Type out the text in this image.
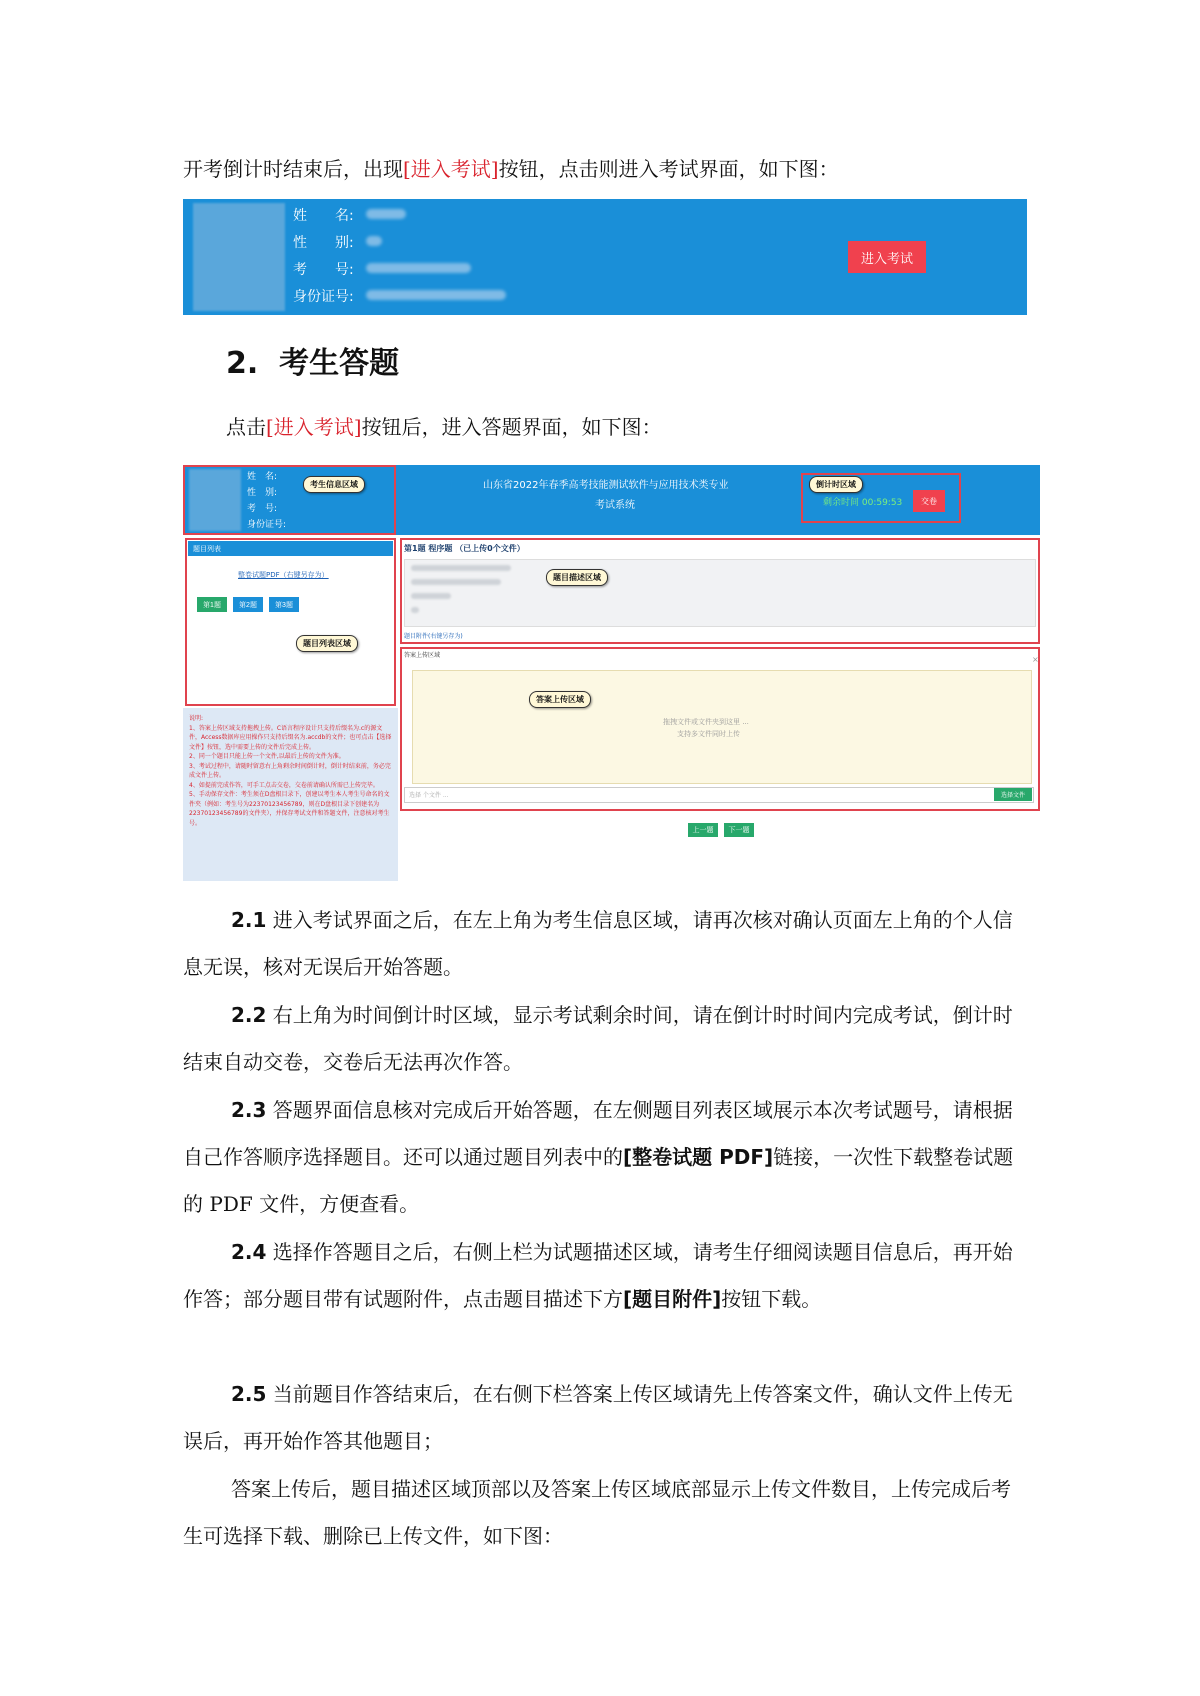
开考倒计时结束后，出现[进入考试]按钮，点击则进入考试界面，如下图：

姓　　名:
性　　别:
考　　号:
身份证号:
进入考试
2. 考生答题

点击[进入考试]按钮后，进入答题界面，如下图：

姓　名:
性　别:
考　号:
身份证号:
考生信息区域	山东省2022年春季高考技能测试软件与应用技术类专业
考试系统
倒计时区域
剩余时间 00:59:53	交卷
题目列表
整卷试题PDF（右键另存为）
第1题	第2题	第3题
题目列表区域
第1题 程序题 （已上传0个文件）
题目描述区域
题目附件(右键另存为)
答案上传区域	×
答案上传区域
拖拽文件或文件夹到这里 ...
支持多文件同时上传
选择 个文件 ...	选择文件

说明:
1、答案上传区域支持拖拽上传。C语言程序设计只支持后缀名为.c的源文件，Access数据库应用操作只支持后缀名为.accdb的文件；也可点击【选择文件】按钮，选中需要上传的文件后完成上传。
2、同一个题目只能上传一个文件,以最后上传的文件为准。
3、考试过程中，请随时留意右上角剩余时间倒计时，倒计时结束前，务必完成文件上传。
4、如提前完成作答，可手工点击交卷，交卷前请确认所需已上传完毕。
5、手动保存文件：考生须在D盘根目录下，创建以考生本人考生号命名的文件夹（例如：考生号为22370123456789，则在D盘根目录下创建名为22370123456789的文件夹），并保存考试文件和答题文件，注意核对考生号。

上一题	下一题

2.1 进入考试界面之后，在左上角为考生信息区域，请再次核对确认页面左上角的个人信息无误，核对无误后开始答题。

2.2 右上角为时间倒计时区域，显示考试剩余时间，请在倒计时时间内完成考试，倒计时结束自动交卷，交卷后无法再次作答。

2.3 答题界面信息核对完成后开始答题，在左侧题目列表区域展示本次考试题号，请根据自己作答顺序选择题目。还可以通过题目列表中的[整卷试题 PDF]链接，一次性下载整卷试题的 PDF 文件，方便查看。

2.4 选择作答题目之后，右侧上栏为试题描述区域，请考生仔细阅读题目信息后，再开始作答；部分题目带有试题附件，点击题目描述下方[题目附件]按钮下载。

2.5 当前题目作答结束后，在右侧下栏答案上传区域请先上传答案文件，确认文件上传无误后，再开始作答其他题目；

答案上传后，题目描述区域顶部以及答案上传区域底部显示上传文件数目，上传完成后考生可选择下载、删除已上传文件，如下图：
